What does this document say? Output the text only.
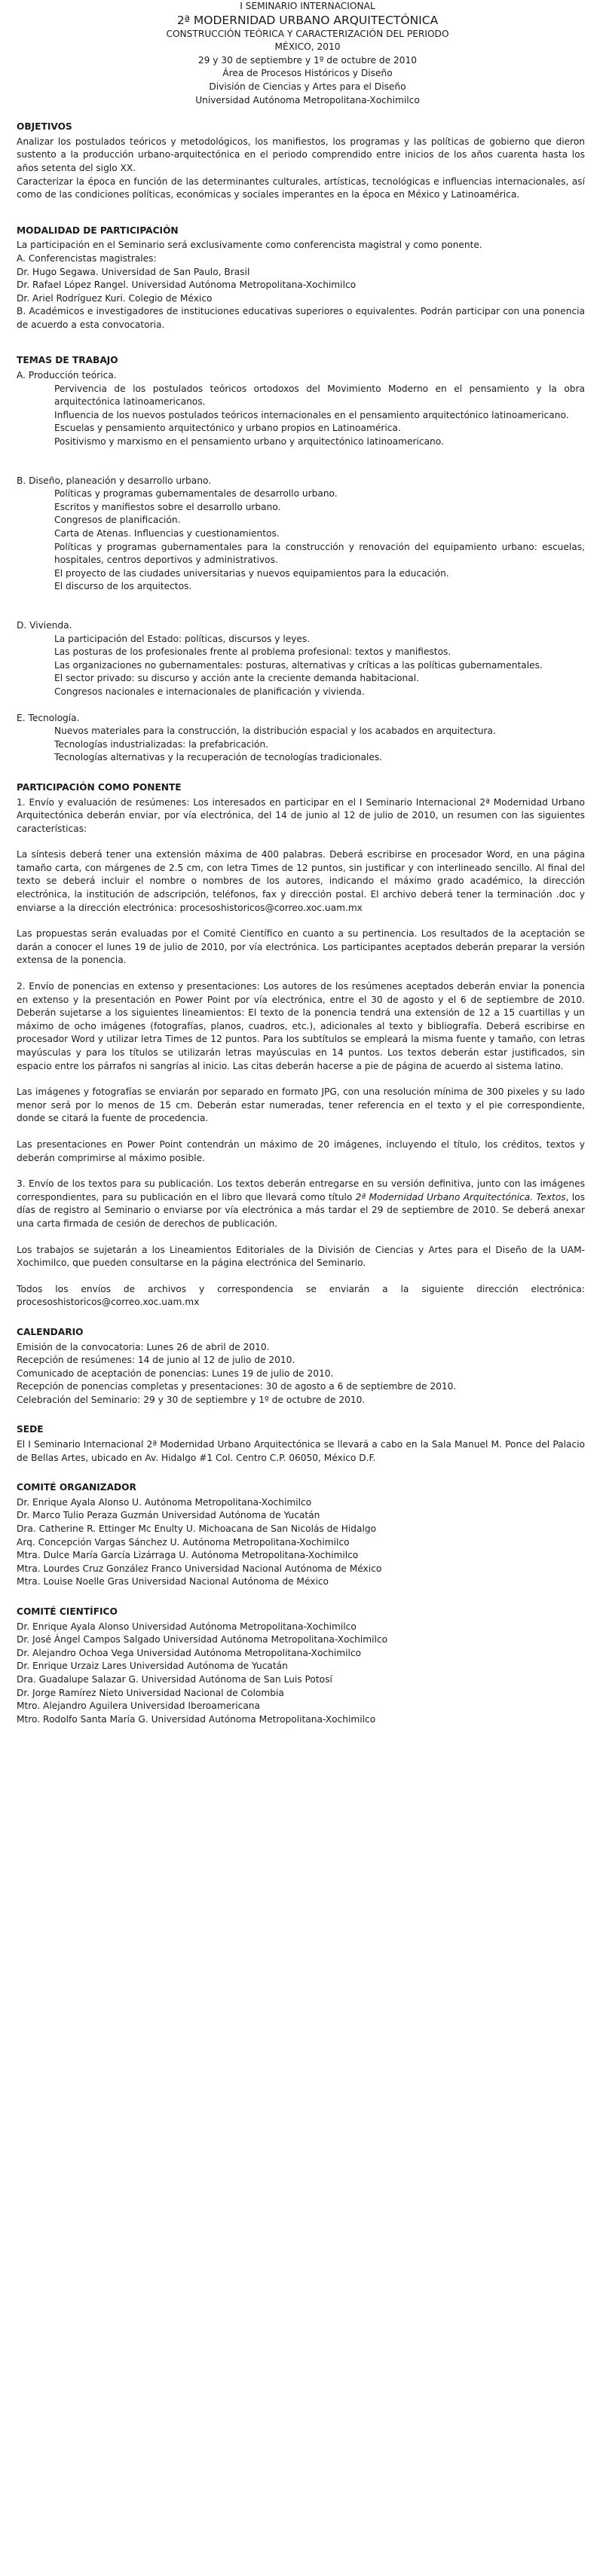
I SEMINARIO INTERNACIONAL
2ª MODERNIDAD URBANO ARQUITECTÓNICA
CONSTRUCCIÓN TEÓRICA Y CARACTERIZACIÓN DEL PERIODO
MÉXICO, 2010
29 y 30 de septiembre y 1º de octubre de 2010
Área de Procesos Históricos y Diseño
División de Ciencias y Artes para el Diseño
Universidad Autónoma Metropolitana-Xochimilco
OBJETIVOS

Analizar los postulados teóricos y metodológicos, los manifiestos, los programas y las políticas de gobierno que dieron sustento a la producción urbano-arquitectónica en el periodo comprendido entre inicios de los años cuarenta hasta los años setenta del siglo XX.

Caracterizar la época en función de las determinantes culturales, artísticas, tecnológicas e influencias internacionales, así como de las condiciones políticas, económicas y sociales imperantes en la época en México y Latinoamérica.

MODALIDAD DE PARTICIPACIÓN

La participación en el Seminario será exclusivamente como conferencista magistral y como ponente.

A. Conferencistas magistrales:
Dr. Hugo Segawa. Universidad de San Paulo, Brasil
Dr. Rafael López Rangel. Universidad Autónoma Metropolitana-Xochimilco
Dr. Ariel Rodríguez Kuri. Colegio de México

B. Académicos e investigadores de instituciones educativas superiores o equivalentes. Podrán participar con una ponencia de acuerdo a esta convocatoria.

TEMAS DE TRABAJO
A. Producción teórica.
Pervivencia de los postulados teóricos ortodoxos del Movimiento Moderno en el pensamiento y la obra arquitectónica latinoamericanos.
Influencia de los nuevos postulados teóricos internacionales en el pensamiento arquitectónico latinoamericano.
Escuelas y pensamiento arquitectónico y urbano propios en Latinoamérica.
Positivismo y marxismo en el pensamiento urbano y arquitectónico latinoamericano.
B. Diseño, planeación y desarrollo urbano.
Políticas y programas gubernamentales de desarrollo urbano.
Escritos y manifiestos sobre el desarrollo urbano.
Congresos de planificación.
Carta de Atenas. Influencias y cuestionamientos.
Políticas y programas gubernamentales para la construcción y renovación del equipamiento urbano: escuelas, hospitales, centros deportivos y administrativos.
El proyecto de las ciudades universitarias y nuevos equipamientos para la educación.
El discurso de los arquitectos.
D. Vivienda.
La participación del Estado: políticas, discursos y leyes.
Las posturas de los profesionales frente al problema profesional: textos y manifiestos.
Las organizaciones no gubernamentales: posturas, alternativas y críticas a las políticas gubernamentales.
El sector privado: su discurso y acción ante la creciente demanda habitacional.
Congresos nacionales e internacionales de planificación y vivienda.
E. Tecnología.
Nuevos materiales para la construcción, la distribución espacial y los acabados en arquitectura.
Tecnologías industrializadas: la prefabricación.
Tecnologías alternativas y la recuperación de tecnologías tradicionales.
PARTICIPACIÓN COMO PONENTE

1. Envío y evaluación de resúmenes: Los interesados en participar en el I Seminario Internacional 2ª Modernidad Urbano Arquitectónica deberán enviar, por vía electrónica, del 14 de junio al 12 de julio de 2010, un resumen con las siguientes características:

La síntesis deberá tener una extensión máxima de 400 palabras. Deberá escribirse en procesador Word, en una página tamaño carta, con márgenes de 2.5 cm, con letra Times de 12 puntos, sin justificar y con interlineado sencillo. Al final del texto se deberá incluir el nombre o nombres de los autores, indicando el máximo grado académico, la dirección electrónica, la institución de adscripción, teléfonos, fax y dirección postal. El archivo deberá tener la terminación .doc y enviarse a la dirección electrónica: procesoshistoricos@correo.xoc.uam.mx

Las propuestas serán evaluadas por el Comité Científico en cuanto a su pertinencia. Los resultados de la aceptación se darán a conocer el lunes 19 de julio de 2010, por vía electrónica. Los participantes aceptados deberán preparar la versión extensa de la ponencia.

2. Envío de ponencias en extenso y presentaciones: Los autores de los resúmenes aceptados deberán enviar la ponencia en extenso y la presentación en Power Point por vía electrónica, entre el 30 de agosto y el 6 de septiembre de 2010. Deberán sujetarse a los siguientes lineamientos: El texto de la ponencia tendrá una extensión de 12 a 15 cuartillas y un máximo de ocho imágenes (fotografías, planos, cuadros, etc.), adicionales al texto y bibliografía. Deberá escribirse en procesador Word y utilizar letra Times de 12 puntos. Para los subtítulos se empleará la misma fuente y tamaño, con letras mayúsculas y para los títulos se utilizarán letras mayúsculas en 14 puntos. Los textos deberán estar justificados, sin espacio entre los párrafos ni sangrías al inicio. Las citas deberán hacerse a pie de página de acuerdo al sistema latino.

Las imágenes y fotografías se enviarán por separado en formato JPG, con una resolución mínima de 300 pixeles y su lado menor será por lo menos de 15 cm. Deberán estar numeradas, tener referencia en el texto y el pie correspondiente, donde se citará la fuente de procedencia.

Las presentaciones en Power Point contendrán un máximo de 20 imágenes, incluyendo el título, los créditos, textos y deberán comprimirse al máximo posible.

3. Envío de los textos para su publicación. Los textos deberán entregarse en su versión definitiva, junto con las imágenes correspondientes, para su publicación en el libro que llevará como título 2ª Modernidad Urbano Arquitectónica. Textos, los días de registro al Seminario o enviarse por vía electrónica a más tardar el 29 de septiembre de 2010. Se deberá anexar una carta firmada de cesión de derechos de publicación.

Los trabajos se sujetarán a los Lineamientos Editoriales de la División de Ciencias y Artes para el Diseño de la UAM-Xochimilco, que pueden consultarse en la página electrónica del Seminario.

Todos los envíos de archivos y correspondencia se enviarán a la siguiente dirección electrónica: procesoshistoricos@correo.xoc.uam.mx

CALENDARIO
Emisión de la convocatoria: Lunes 26 de abril de 2010.
Recepción de resúmenes: 14 de junio al 12 de julio de 2010.
Comunicado de aceptación de ponencias: Lunes 19 de julio de 2010.
Recepción de ponencias completas y presentaciones: 30 de agosto a 6 de septiembre de 2010.
Celebración del Seminario: 29 y 30 de septiembre y 1º de octubre de 2010.
SEDE

El I Seminario Internacional 2ª Modernidad Urbano Arquitectónica se llevará a cabo en la Sala Manuel M. Ponce del Palacio de Bellas Artes, ubicado en Av. Hidalgo #1 Col. Centro C.P. 06050, México D.F.

COMITÉ ORGANIZADOR
Dr. Enrique Ayala Alonso U. Autónoma Metropolitana-Xochimilco
Dr. Marco Tulio Peraza Guzmán Universidad Autónoma de Yucatán
Dra. Catherine R. Ettinger Mc Enulty U. Michoacana de San Nicolás de Hidalgo
Arq. Concepción Vargas Sánchez U. Autónoma Metropolitana-Xochimilco
Mtra. Dulce María García Lizárraga U. Autónoma Metropolitana-Xochimilco
Mtra. Lourdes Cruz González Franco Universidad Nacional Autónoma de México
Mtra. Louise Noelle Gras Universidad Nacional Autónoma de México
COMITÉ CIENTÍFICO
Dr. Enrique Ayala Alonso Universidad Autónoma Metropolitana-Xochimilco
Dr. José Ángel Campos Salgado Universidad Autónoma Metropolitana-Xochimilco
Dr. Alejandro Ochoa Vega Universidad Autónoma Metropolitana-Xochimilco
Dr. Enrique Urzaiz Lares Universidad Autónoma de Yucatán
Dra. Guadalupe Salazar G. Universidad Autónoma de San Luis Potosí
Dr. Jorge Ramírez Nieto Universidad Nacional de Colombia
Mtro. Alejandro Aguilera Universidad Iberoamericana
Mtro. Rodolfo Santa María G. Universidad Autónoma Metropolitana-Xochimilco
